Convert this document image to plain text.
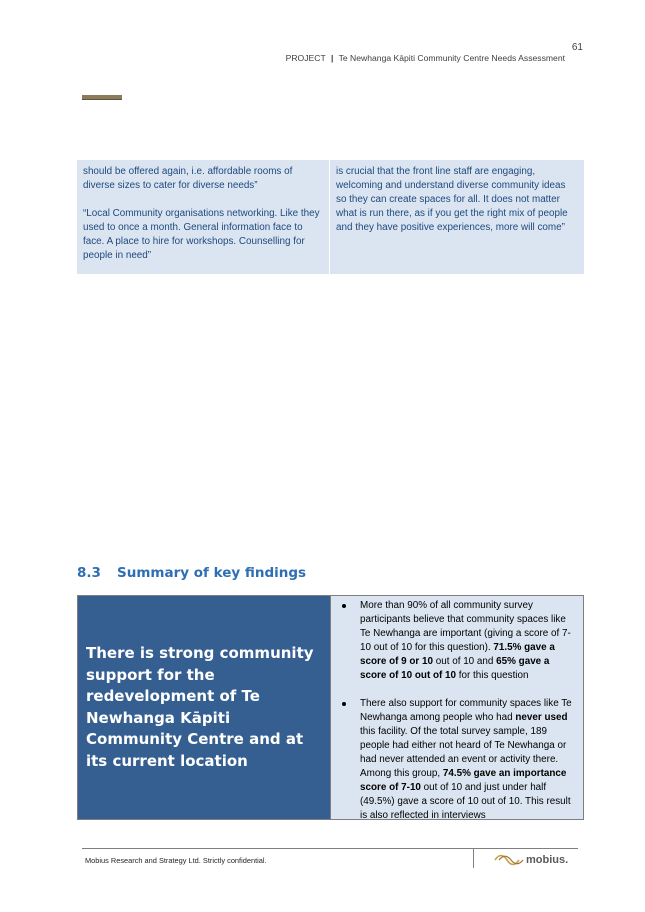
61
PROJECT | Te Newhanga Kāpiti Community Centre Needs Assessment

should be offered again, i.e. affordable rooms of diverse sizes to cater for diverse needs”

“Local Community organisations networking. Like they used to once a month. General information face to face. A place to hire for workshops. Counselling for people in need”

is crucial that the front line staff are engaging, welcoming and understand diverse community ideas so they can create spaces for all. It does not matter what is run there, as if you get the right mix of people and they have positive experiences, more will come”

8.3 Summary of key findings
There is strong community support for the redevelopment of Te Newhanga Kāpiti Community Centre and at its current location
More than 90% of all community survey participants believe that community spaces like Te Newhanga are important (giving a score of 7-10 out of 10 for this question). 71.5% gave a score of 9 or 10 out of 10 and 65% gave a score of 10 out of 10 for this question
There also support for community spaces like Te Newhanga among people who had never used this facility. Of the total survey sample, 189 people had either not heard of Te Newhanga or had never attended an event or activity there. Among this group, 74.5% gave an importance score of 7-10 out of 10 and just under half (49.5%) gave a score of 10 out of 10. This result is also reflected in interviews
Mobius Research and Strategy Ltd. Strictly confidential.	mobius.
